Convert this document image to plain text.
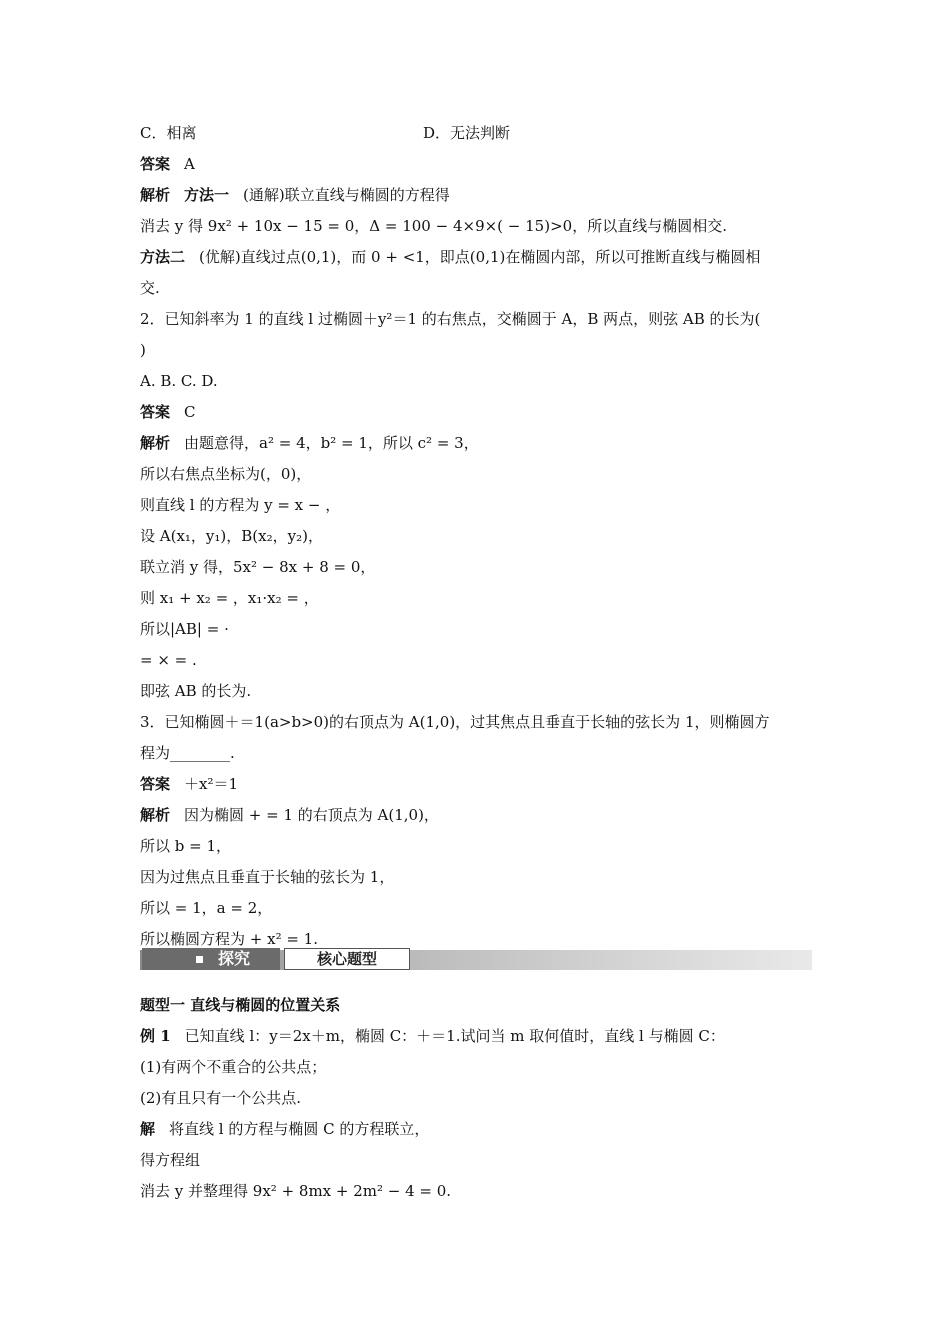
C．相离	D．无法判断
答案 A
解析 方法一 (通解)联立直线与椭圆的方程得
消去 y 得 9x² + 10x − 15 = 0，Δ = 100 − 4×9×( − 15)>0，所以直线与椭圆相交.
方法二 (优解)直线过点(0,1)，而 0 + <1，即点(0,1)在椭圆内部，所以可推断直线与椭圆相
交.
2．已知斜率为 1 的直线 l 过椭圆＋y²＝1 的右焦点，交椭圆于 A，B 两点，则弦 AB 的长为(
)
A. B. C. D.
答案 C
解析 由题意得，a² = 4，b² = 1，所以 c² = 3，
所以右焦点坐标为(，0)，
则直线 l 的方程为 y = x − ，
设 A(x₁，y₁)，B(x₂，y₂)，
联立消 y 得，5x² − 8x + 8 = 0，
则 x₁ + x₂ = ，x₁·x₂ = ，
所以|AB| = ·
= × = .
即弦 AB 的长为.
3．已知椭圆＋＝1(a>b>0)的右顶点为 A(1,0)，过其焦点且垂直于长轴的弦长为 1，则椭圆方
程为________.
答案 ＋x²＝1
解析 因为椭圆 + = 1 的右顶点为 A(1,0)，
所以 b = 1，
因为过焦点且垂直于长轴的弦长为 1，
所以 = 1，a = 2，
所以椭圆方程为 + x² = 1.
探究	核心题型
题型一 直线与椭圆的位置关系
例 1 已知直线 l：y＝2x＋m，椭圆 C：＋＝1.试问当 m 取何值时，直线 l 与椭圆 C：
(1)有两个不重合的公共点；
(2)有且只有一个公共点.
解 将直线 l 的方程与椭圆 C 的方程联立，
得方程组
消去 y 并整理得 9x² + 8mx + 2m² − 4 = 0.
